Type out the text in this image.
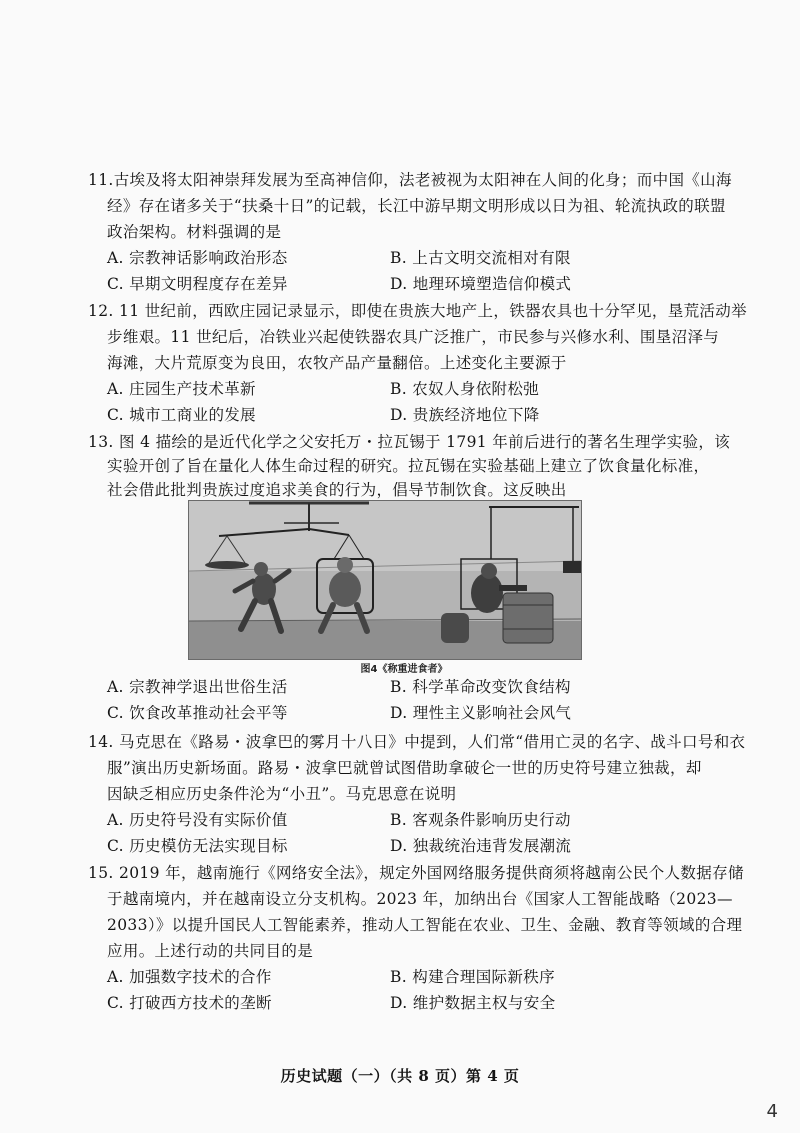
11.古埃及将太阳神崇拜发展为至高神信仰，法老被视为太阳神在人间的化身；而中国《山海
经》存在诸多关于“扶桑十日”的记载，长江中游早期文明形成以日为祖、轮流执政的联盟
政治架构。材料强调的是
A. 宗教神话影响政治形态	B. 上古文明交流相对有限
C. 早期文明程度存在差异	D. 地理环境塑造信仰模式
12. 11 世纪前，西欧庄园记录显示，即使在贵族大地产上，铁器农具也十分罕见，垦荒活动举
步维艰。11 世纪后，冶铁业兴起使铁器农具广泛推广，市民参与兴修水利、围垦沼泽与
海滩，大片荒原变为良田，农牧产品产量翻倍。上述变化主要源于
A. 庄园生产技术革新	B. 农奴人身依附松弛
C. 城市工商业的发展	D. 贵族经济地位下降
13. 图 4 描绘的是近代化学之父安托万・拉瓦锡于 1791 年前后进行的著名生理学实验，该
实验开创了旨在量化人体生命过程的研究。拉瓦锡在实验基础上建立了饮食量化标准，
社会借此批判贵族过度追求美食的行为，倡导节制饮食。这反映出
图4《称重进食者》
A. 宗教神学退出世俗生活	B. 科学革命改变饮食结构
C. 饮食改革推动社会平等	D. 理性主义影响社会风气
14. 马克思在《路易・波拿巴的雾月十八日》中提到，人们常“借用亡灵的名字、战斗口号和衣
服”演出历史新场面。路易・波拿巴就曾试图借助拿破仑一世的历史符号建立独裁，却
因缺乏相应历史条件沦为“小丑”。马克思意在说明
A. 历史符号没有实际价值	B. 客观条件影响历史行动
C. 历史模仿无法实现目标	D. 独裁统治违背发展潮流
15. 2019 年，越南施行《网络安全法》，规定外国网络服务提供商须将越南公民个人数据存储
于越南境内，并在越南设立分支机构。2023 年，加纳出台《国家人工智能战略（2023—
2033）》以提升国民人工智能素养，推动人工智能在农业、卫生、金融、教育等领域的合理
应用。上述行动的共同目的是
A. 加强数字技术的合作	B. 构建合理国际新秩序
C. 打破西方技术的垄断	D. 维护数据主权与安全
历史试题（一）（共 8 页）第 4 页
4
